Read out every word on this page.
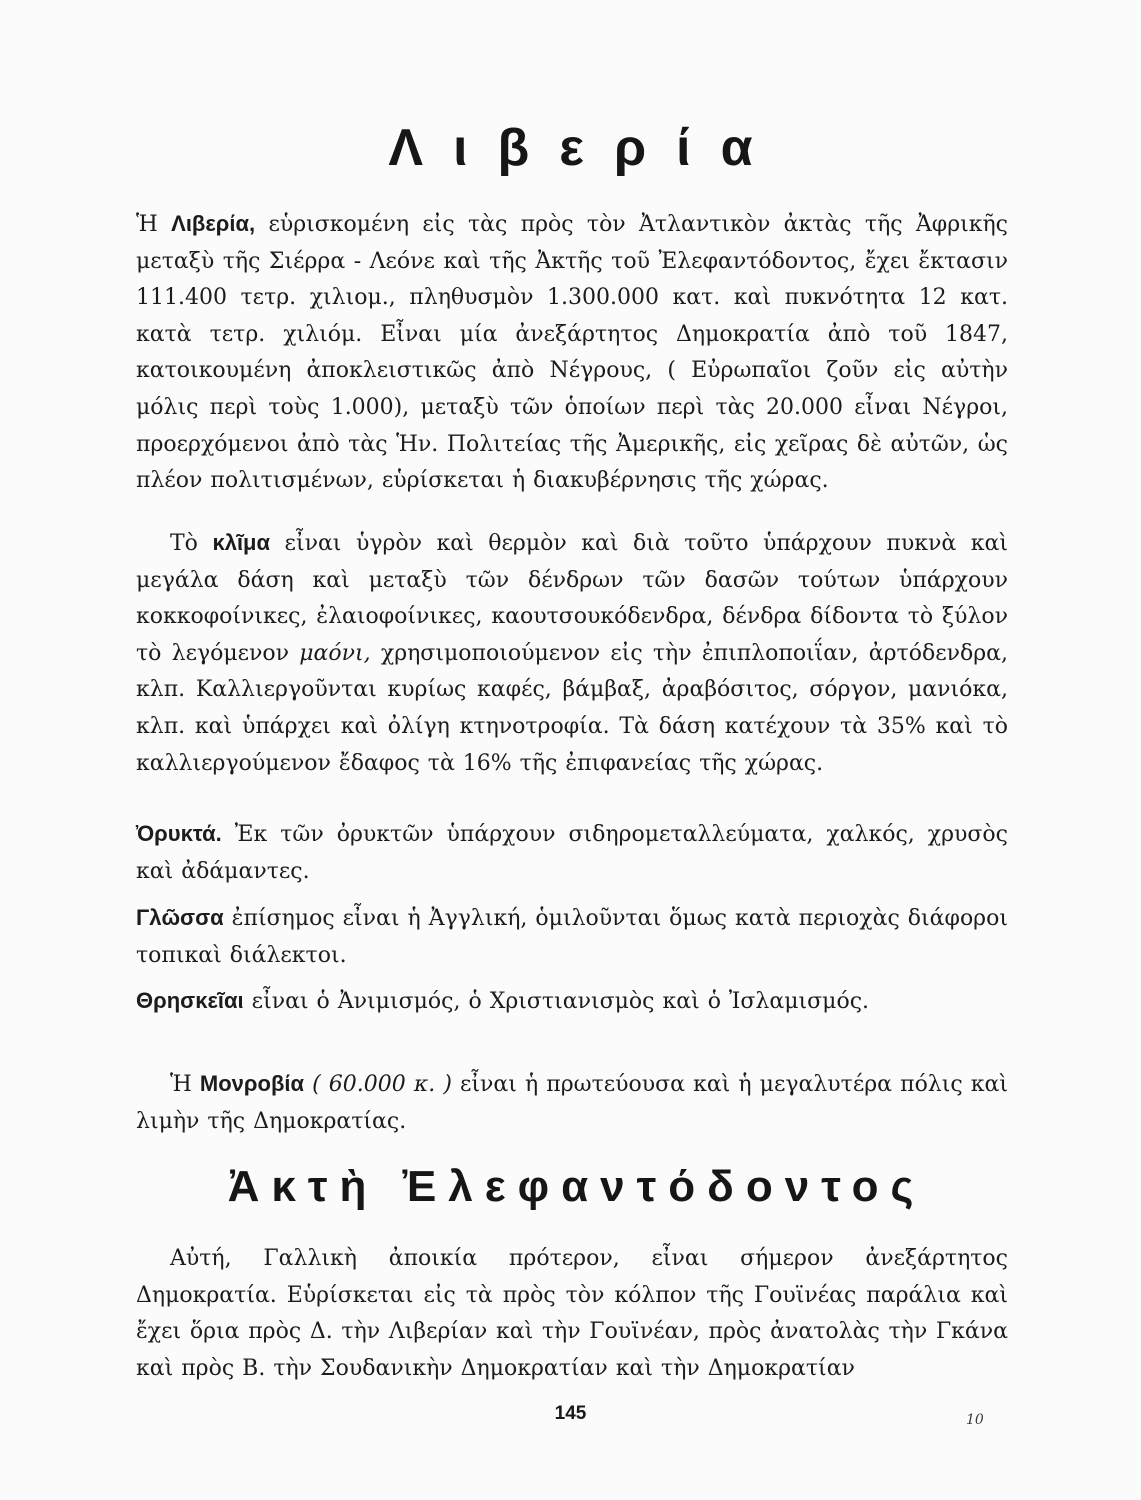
Λιβερία

Ἡ Λιβερία, εὑρισκομένη εἰς τὰς πρὸς τὸν Ἀτλαντικὸν ἀκτὰς τῆς Ἀφρικῆς μεταξὺ τῆς Σιέρρα - Λεόνε καὶ τῆς Ἀκτῆς τοῦ Ἐλεφαντόδοντος, ἔχει ἔκτασιν 111.400 τετρ. χιλιομ., πληθυσμὸν 1.300.000 κατ. καὶ πυκνότητα 12 κατ. κατὰ τετρ. χιλιόμ. Εἶναι μία ἀνεξάρτητος Δημοκρατία ἀπὸ τοῦ 1847, κατοικουμένη ἀποκλειστικῶς ἀπὸ Νέγρους, ( Εὐρωπαῖοι ζοῦν εἰς αὐτὴν μόλις περὶ τοὺς 1.000), μεταξὺ τῶν ὁποίων περὶ τὰς 20.000 εἶναι Νέγροι, προερχόμενοι ἀπὸ τὰς Ἡν. Πολιτείας τῆς Ἀμερικῆς, εἰς χεῖρας δὲ αὐτῶν, ὡς πλέον πολιτισμένων, εὑρίσκεται ἡ διακυβέρνησις τῆς χώρας.

Τὸ κλῖμα εἶναι ὑγρὸν καὶ θερμὸν καὶ διὰ τοῦτο ὑπάρχουν πυκνὰ καὶ μεγάλα δάση καὶ μεταξὺ τῶν δένδρων τῶν δασῶν τούτων ὑπάρχουν κοκκοφοίνικες, ἐλαιοφοίνικες, καουτσουκόδενδρα, δένδρα δίδοντα τὸ ξύλον τὸ λεγόμενον μαόνι, χρησιμοποιούμενον εἰς τὴν ἐπιπλοποιΐαν, ἀρτόδενδρα, κλπ. Καλλιεργοῦνται κυρίως καφές, βάμβαξ, ἀραβόσιτος, σόργον, μανιόκα, κλπ. καὶ ὑπάρχει καὶ ὀλίγη κτηνοτροφία. Τὰ δάση κατέχουν τὰ 35% καὶ τὸ καλλιεργούμενον ἔδαφος τὰ 16% τῆς ἐπιφανείας τῆς χώρας.

Ὀρυκτά. Ἐκ τῶν ὀρυκτῶν ὑπάρχουν σιδηρομεταλλεύματα, χαλκός, χρυσὸς καὶ ἀδάμαντες.

Γλῶσσα ἐπίσημος εἶναι ἡ Ἀγγλική, ὁμιλοῦνται ὅμως κατὰ περιοχὰς διάφοροι τοπικαὶ διάλεκτοι.

Θρησκεῖαι εἶναι ὁ Ἀνιμισμός, ὁ Χριστιανισμὸς καὶ ὁ Ἰσλαμισμός.

Ἡ Μονροβία ( 60.000 κ. ) εἶναι ἡ πρωτεύουσα καὶ ἡ μεγαλυτέρα πόλις καὶ λιμὴν τῆς Δημοκρατίας.

Ἀκτὴ Ἐλεφαντόδοντος

Αὐτή, Γαλλικὴ ἀποικία πρότερον, εἶναι σήμερον ἀνεξάρτητος Δημοκρατία. Εὑρίσκεται εἰς τὰ πρὸς τὸν κόλπον τῆς Γουϊνέας παράλια καὶ ἔχει ὅρια πρὸς Δ. τὴν Λιβερίαν καὶ τὴν Γουϊνέαν, πρὸς ἀνατολὰς τὴν Γκάνα καὶ πρὸς Β. τὴν Σουδανικὴν Δημοκρατίαν καὶ τὴν Δημοκρατίαν

145	10
